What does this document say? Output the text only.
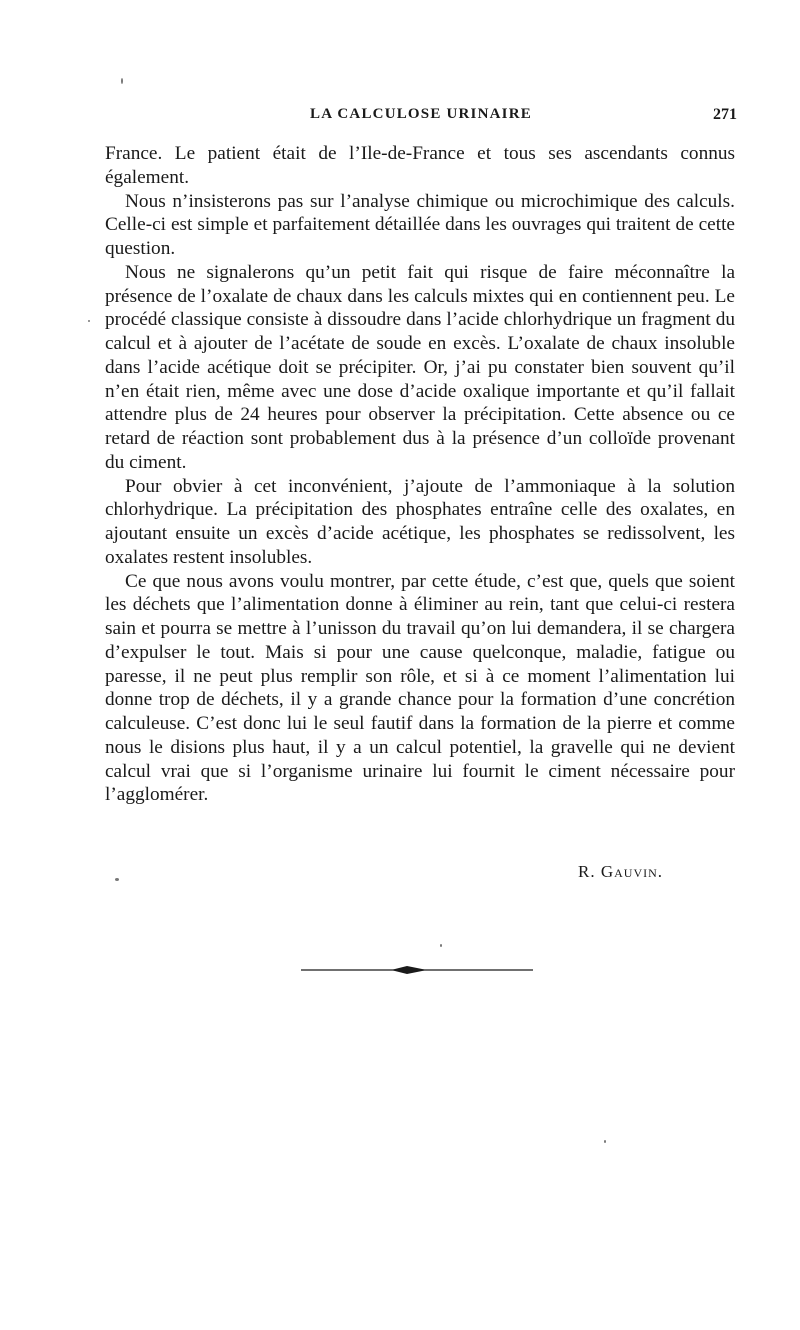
LA CALCULOSE URINAIRE	271

France. Le patient était de l’Ile-de-France et tous ses ascendants connus également.

Nous n’insisterons pas sur l’analyse chimique ou microchimique des calculs. Celle-ci est simple et parfaitement détaillée dans les ouvrages qui traitent de cette question.

Nous ne signalerons qu’un petit fait qui risque de faire méconnaître la présence de l’oxalate de chaux dans les calculs mixtes qui en contiennent peu. Le procédé classique consiste à dissoudre dans l’acide chlorhydrique un fragment du calcul et à ajouter de l’acétate de soude en excès. L’oxalate de chaux insoluble dans l’acide acétique doit se précipiter. Or, j’ai pu constater bien souvent qu’il n’en était rien, même avec une dose d’acide oxalique importante et qu’il fallait attendre plus de 24 heures pour observer la précipitation. Cette absence ou ce retard de réaction sont probablement dus à la présence d’un colloïde provenant du ciment.

Pour obvier à cet inconvénient, j’ajoute de l’ammoniaque à la solution chlorhydrique. La précipitation des phosphates entraîne celle des oxalates, en ajoutant ensuite un excès d’acide acétique, les phosphates se redissolvent, les oxalates restent insolubles.

Ce que nous avons voulu montrer, par cette étude, c’est que, quels que soient les déchets que l’alimentation donne à éliminer au rein, tant que celui-ci restera sain et pourra se mettre à l’unisson du travail qu’on lui demandera, il se chargera d’expulser le tout. Mais si pour une cause quelconque, maladie, fatigue ou paresse, il ne peut plus remplir son rôle, et si à ce moment l’alimentation lui donne trop de déchets, il y a grande chance pour la formation d’une concrétion calculeuse. C’est donc lui le seul fautif dans la formation de la pierre et comme nous le disions plus haut, il y a un calcul potentiel, la gravelle qui ne devient calcul vrai que si l’organisme urinaire lui fournit le ciment nécessaire pour l’agglomérer.

R. Gauvin.
